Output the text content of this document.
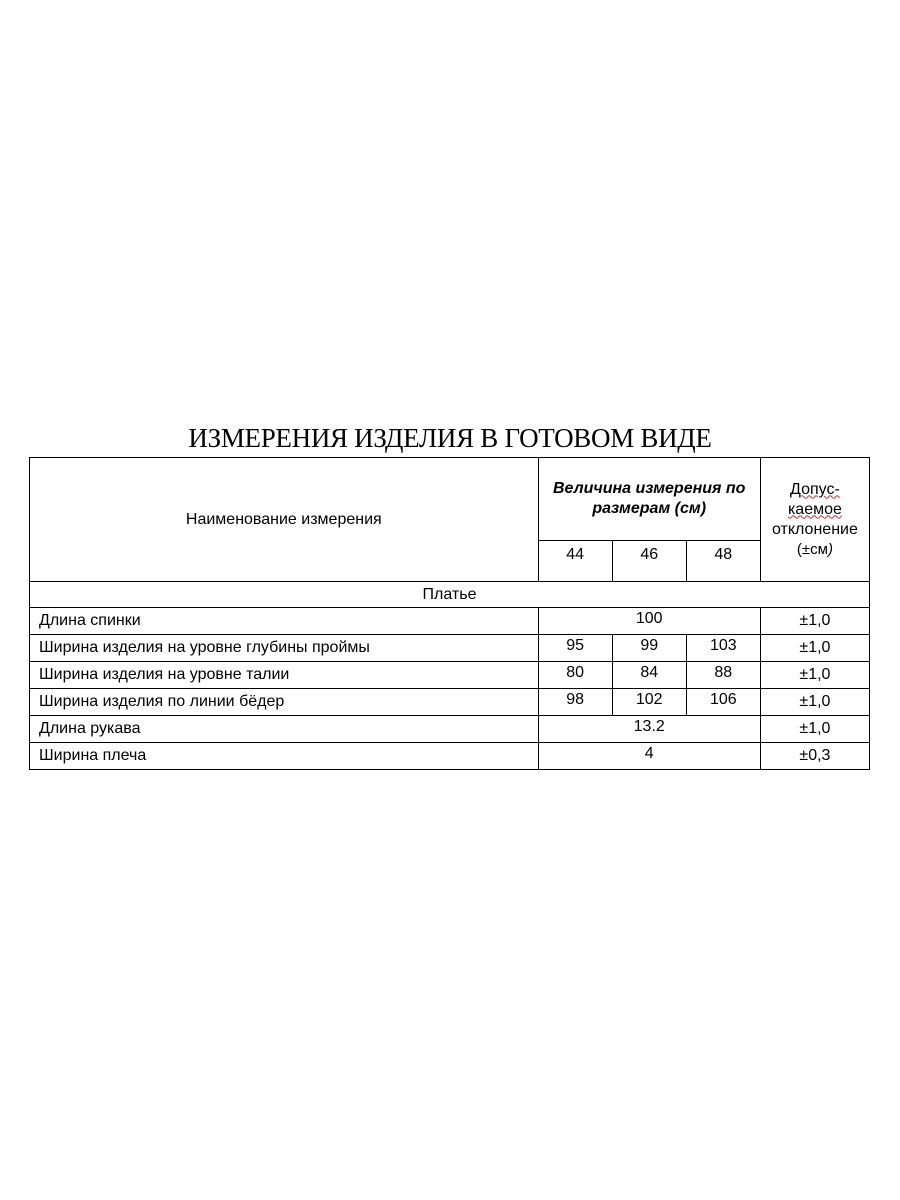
ИЗМЕРЕНИЯ ИЗДЕЛИЯ В ГОТОВОМ ВИДЕ
Наименование измерения	Величина измерения по размерам (см)			Допус-
каемое
отклонение
(±см)
	44	46	48	
Платье				
Длина спинки	100			±1,0
Ширина изделия на уровне глубины проймы	95	99	103	±1,0
Ширина изделия на уровне талии	80	84	88	±1,0
Ширина изделия по линии бёдер	98	102	106	±1,0
Длина рукава	13.2			±1,0
Ширина плеча	4			±0,3
